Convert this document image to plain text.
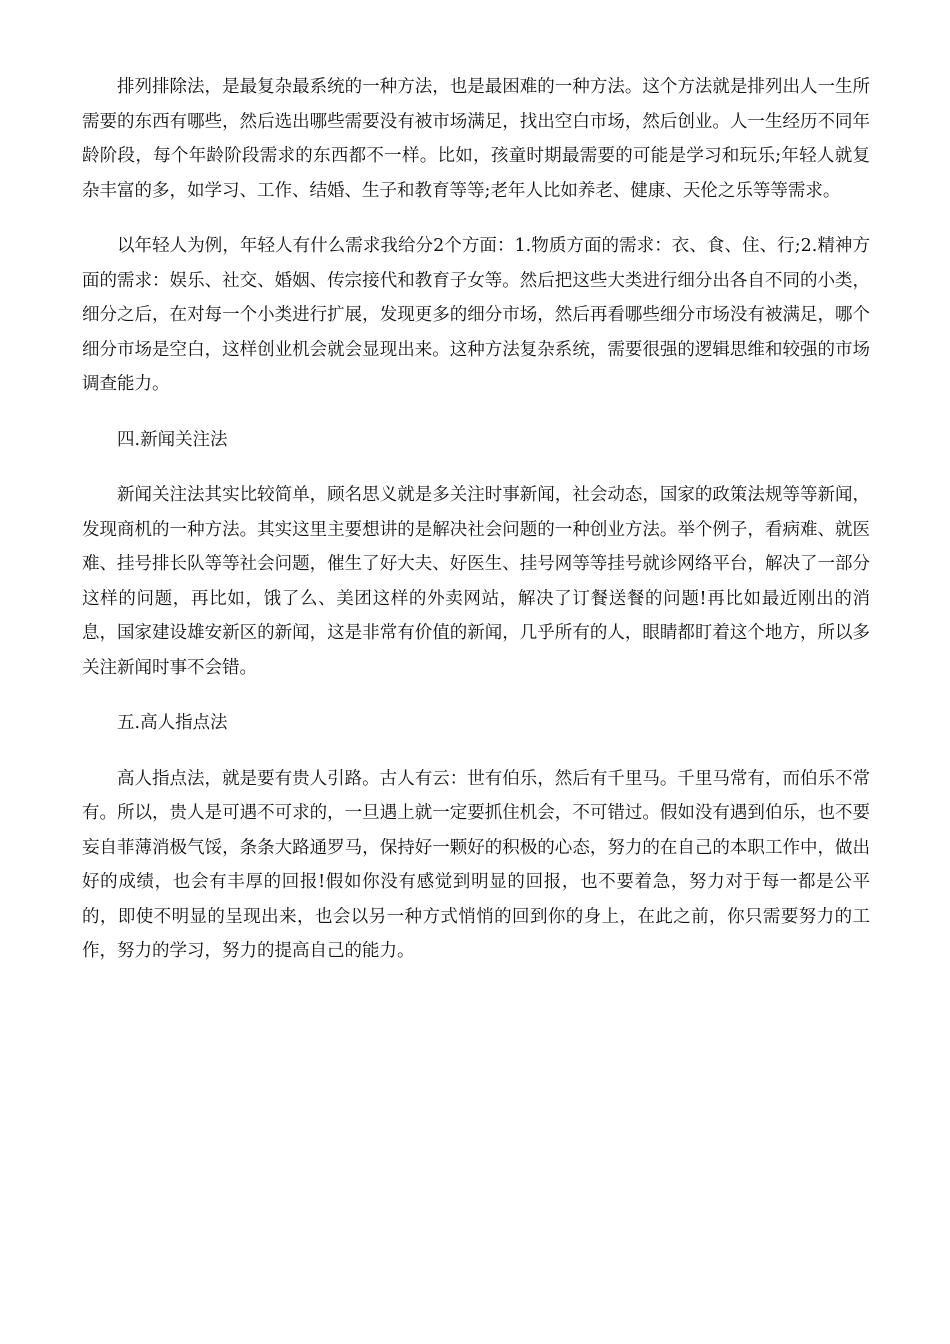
排列排除法，是最复杂最系统的一种方法，也是最困难的一种方法。这个方法就是排列出人一生所需要的东西有哪些，然后选出哪些需要没有被市场满足，找出空白市场，然后创业。人一生经历不同年龄阶段，每个年龄阶段需求的东西都不一样。比如，孩童时期最需要的可能是学习和玩乐;年轻人就复杂丰富的多，如学习、工作、结婚、生子和教育等等;老年人比如养老、健康、天伦之乐等等需求。

以年轻人为例，年轻人有什么需求我给分2个方面：1.物质方面的需求：衣、食、住、行;2.精神方面的需求：娱乐、社交、婚姻、传宗接代和教育子女等。然后把这些大类进行细分出各自不同的小类，细分之后，在对每一个小类进行扩展，发现更多的细分市场，然后再看哪些细分市场没有被满足，哪个细分市场是空白，这样创业机会就会显现出来。这种方法复杂系统，需要很强的逻辑思维和较强的市场调查能力。

四.新闻关注法

新闻关注法其实比较简单，顾名思义就是多关注时事新闻，社会动态，国家的政策法规等等新闻，发现商机的一种方法。其实这里主要想讲的是解决社会问题的一种创业方法。举个例子，看病难、就医难、挂号排长队等等社会问题，催生了好大夫、好医生、挂号网等等挂号就诊网络平台，解决了一部分这样的问题，再比如，饿了么、美团这样的外卖网站，解决了订餐送餐的问题!再比如最近刚出的消息，国家建设雄安新区的新闻，这是非常有价值的新闻，几乎所有的人，眼睛都盯着这个地方，所以多关注新闻时事不会错。

五.高人指点法

高人指点法，就是要有贵人引路。古人有云：世有伯乐，然后有千里马。千里马常有，而伯乐不常有。所以，贵人是可遇不可求的，一旦遇上就一定要抓住机会，不可错过。假如没有遇到伯乐，也不要妄自菲薄消极气馁，条条大路通罗马，保持好一颗好的积极的心态，努力的在自己的本职工作中，做出好的成绩，也会有丰厚的回报!假如你没有感觉到明显的回报，也不要着急，努力对于每一都是公平的，即使不明显的呈现出来，也会以另一种方式悄悄的回到你的身上，在此之前，你只需要努力的工作，努力的学习，努力的提高自己的能力。
